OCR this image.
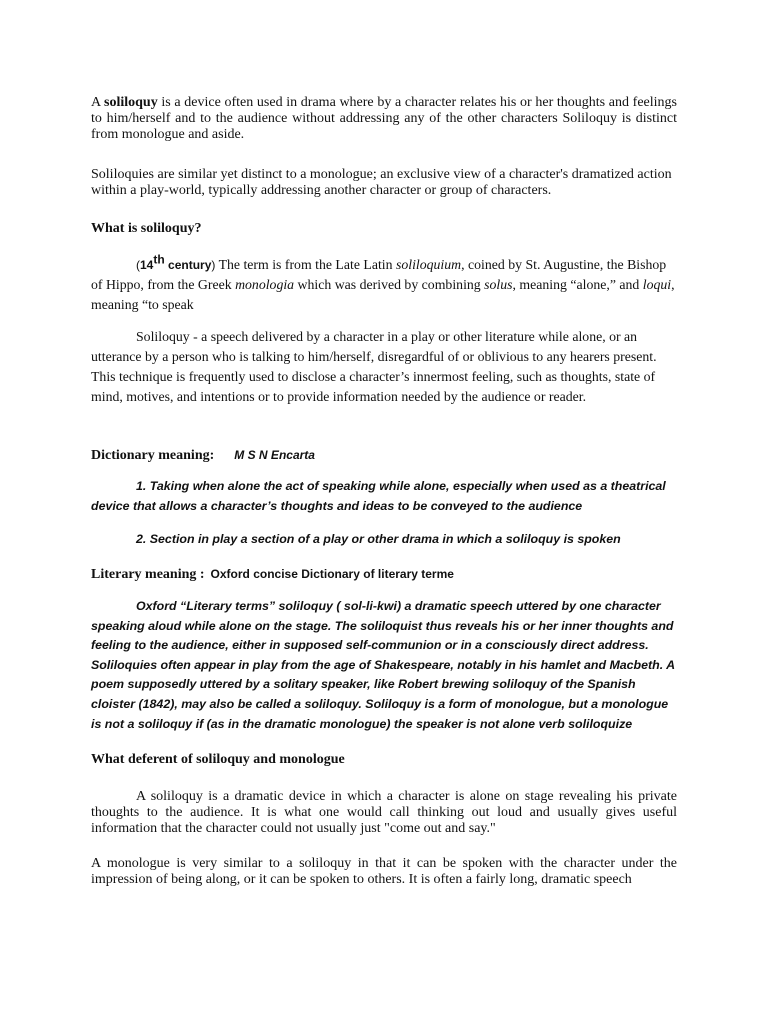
A soliloquy is a device often used in drama where by a character relates his or her thoughts and feelings to him/herself and to the audience without addressing any of the other characters Soliloquy is distinct from monologue and aside.

Soliloquies are similar yet distinct to a monologue; an exclusive view of a character's dramatized action within a play-world, typically addressing another character or group of characters.

What is soliloquy?

(14th century) The term is from the Late Latin soliloquium, coined by St. Augustine, the Bishop of Hippo, from the Greek monologia which was derived by combining solus, meaning “alone,” and loqui, meaning “to speak

Soliloquy - a speech delivered by a character in a play or other literature while alone, or an utterance by a person who is talking to him/herself, disregardful of or oblivious to any hearers present. This technique is frequently used to disclose a character’s innermost feeling, such as thoughts, state of mind, motives, and intentions or to provide information needed by the audience or reader.

Dictionary meaning: M S N Encarta

1. Taking when alone the act of speaking while alone, especially when used as a theatrical device that allows a character’s thoughts and ideas to be conveyed to the audience

2. Section in play a section of a play or other drama in which a soliloquy is spoken

Literary meaning : Oxford concise Dictionary of literary terme

Oxford “Literary terms” soliloquy ( sol-li-kwi) a dramatic speech uttered by one character speaking aloud while alone on the stage. The soliloquist thus reveals his or her inner thoughts and feeling to the audience, either in supposed self-communion or in a consciously direct address. Soliloquies often appear in play from the age of Shakespeare, notably in his hamlet and Macbeth. A poem supposedly uttered by a solitary speaker, like Robert brewing soliloquy of the Spanish cloister (1842), may also be called a soliloquy. Soliloquy is a form of monologue, but a monologue is not a soliloquy if (as in the dramatic monologue) the speaker is not alone verb soliloquize

What deferent of soliloquy and monologue

A soliloquy is a dramatic device in which a character is alone on stage revealing his private thoughts to the audience. It is what one would call thinking out loud and usually gives useful information that the character could not usually just "come out and say."

A monologue is very similar to a soliloquy in that it can be spoken with the character under the impression of being along, or it can be spoken to others. It is often a fairly long, dramatic speech
